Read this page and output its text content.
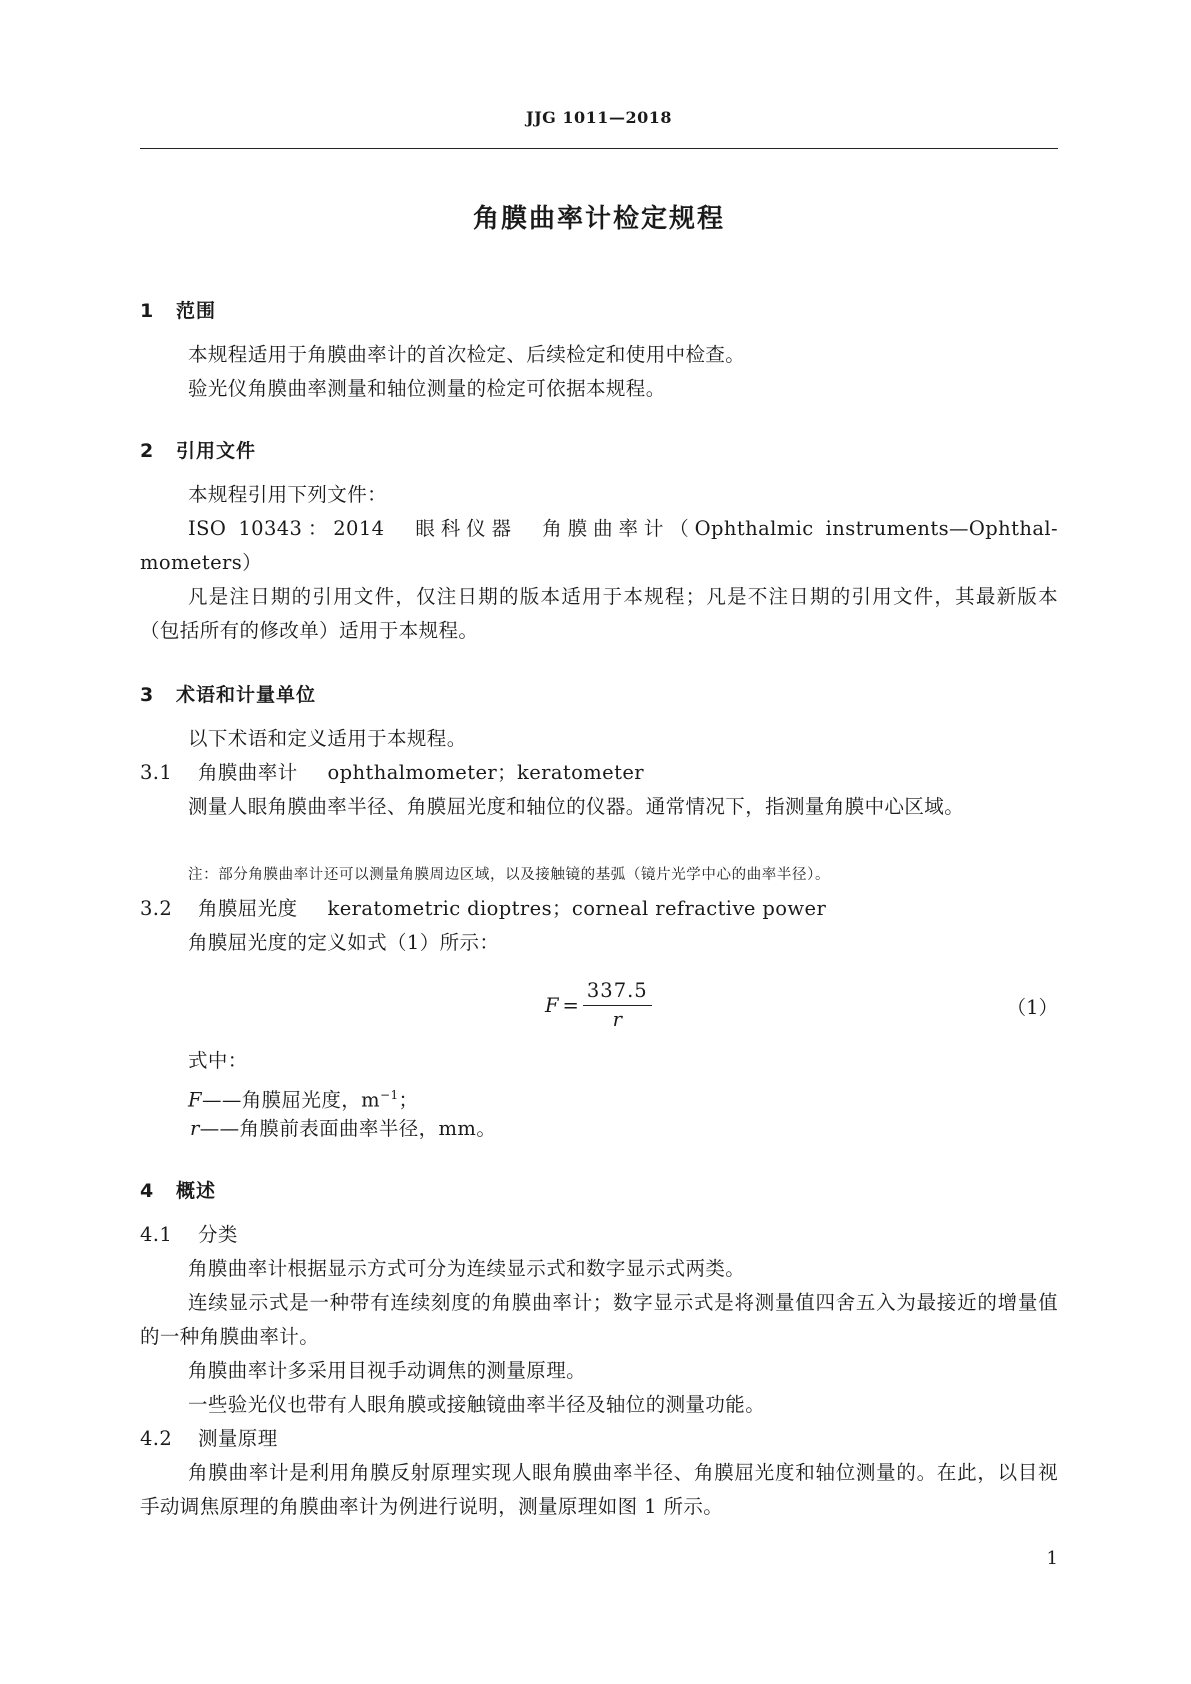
JJG 1011—2018
角膜曲率计检定规程
1 范围
本规程适用于角膜曲率计的首次检定、后续检定和使用中检查。
验光仪角膜曲率测量和轴位测量的检定可依据本规程。
2 引用文件
本规程引用下列文件：
ISO 10343：2014　眼科仪器　角膜曲率计（Ophthalmic instruments—Ophthal-mometers）
凡是注日期的引用文件，仅注日期的版本适用于本规程；凡是不注日期的引用文件，其最新版本（包括所有的修改单）适用于本规程。
3 术语和计量单位
以下术语和定义适用于本规程。
3.1 角膜曲率计 ophthalmometer；keratometer
测量人眼角膜曲率半径、角膜屈光度和轴位的仪器。通常情况下，指测量角膜中心区域。
注：部分角膜曲率计还可以测量角膜周边区域，以及接触镜的基弧（镜片光学中心的曲率半径）。
3.2 角膜屈光度 keratometric dioptres；corneal refractive power
角膜屈光度的定义如式（1）所示：
$F = \frac{337.5}{r}$	（1）
式中：
F——角膜屈光度，$m^{-1}$；
r——角膜前表面曲率半径，mm。
4 概述
4.1 分类
角膜曲率计根据显示方式可分为连续显示式和数字显示式两类。
连续显示式是一种带有连续刻度的角膜曲率计；数字显示式是将测量值四舍五入为最接近的增量值的一种角膜曲率计。
角膜曲率计多采用目视手动调焦的测量原理。
一些验光仪也带有人眼角膜或接触镜曲率半径及轴位的测量功能。
4.2 测量原理
角膜曲率计是利用角膜反射原理实现人眼角膜曲率半径、角膜屈光度和轴位测量的。在此，以目视手动调焦原理的角膜曲率计为例进行说明，测量原理如图 1 所示。
1
